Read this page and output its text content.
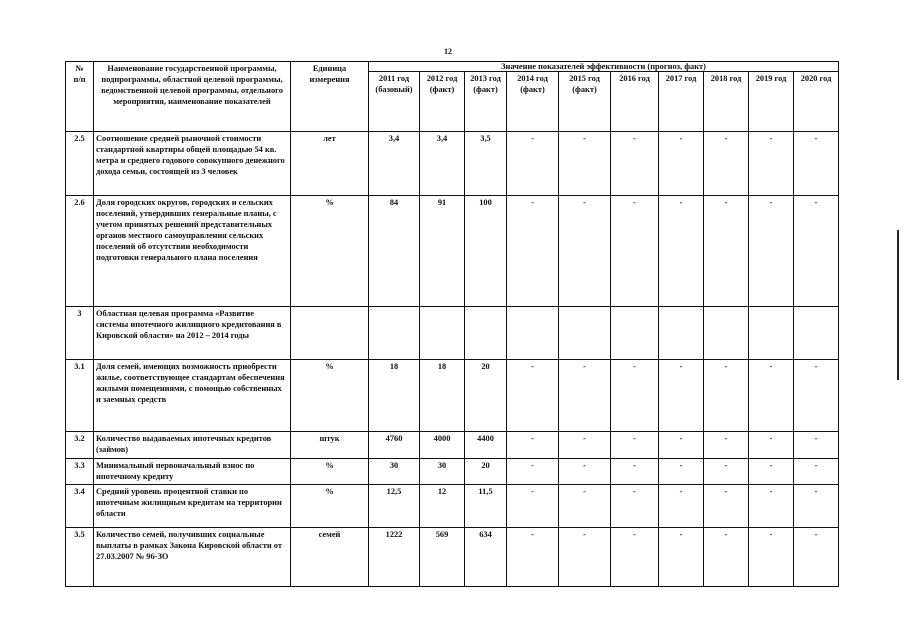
12
№
п/п	Наименование государственной программы, подпрограммы, областной целевой программы, ведомственной целевой программы, отдельного мероприятия, наименование показателей	Единица измерения	Значение показателей эффективности (прогноз, факт)									
			2011 год (базовый)	2012 год (факт)	2013 год (факт)	2014 год (факт)	2015 год (факт)	2016 год	2017 год	2018 год	2019 год	2020 год
2.5	Соотношение средней рыночной стоимости стандартной квартиры общей площадью 54 кв. метра и среднего годового совокупного денежного дохода семьи, состоящей из 3 человек	лет	3,4	3,4	3,5	-	-	-	-	-	-	-
2.6	Доля городских округов, городских и сельских поселений, утвердивших генеральные планы, с учетом принятых решений представительных органов местного самоуправления сельских поселений об отсутствии необходимости подготовки генерального плана поселения	%	84	91	100	-	-	-	-	-	-	-
3	Областная целевая программа «Развитие системы ипотечного жилищного кредитования в Кировской области» на 2012 – 2014 годы											
3.1	Доля семей, имеющих возможность приобрести жилье, соответствующее стандартам обеспечения жилыми помещениями, с помощью собственных и заемных средств	%	18	18	20	-	-	-	-	-	-	-
3.2	Количество выдаваемых ипотечных кредитов (займов)	штук	4760	4000	4400	-	-	-	-	-	-	-
3.3	Минимальный первоначальный взнос по ипотечному кредиту	%	30	30	20	-	-	-	-	-	-	-
3.4	Средний уровень процентной ставки по ипотечным жилищным кредитам на территории области	%	12,5	12	11,5	-	-	-	-	-	-	-
3.5	Количество семей, получивших социальные выплаты в рамках Закона Кировской области от 27.03.2007 № 96-ЗО	семей	1222	569	634	-	-	-	-	-	-	-
